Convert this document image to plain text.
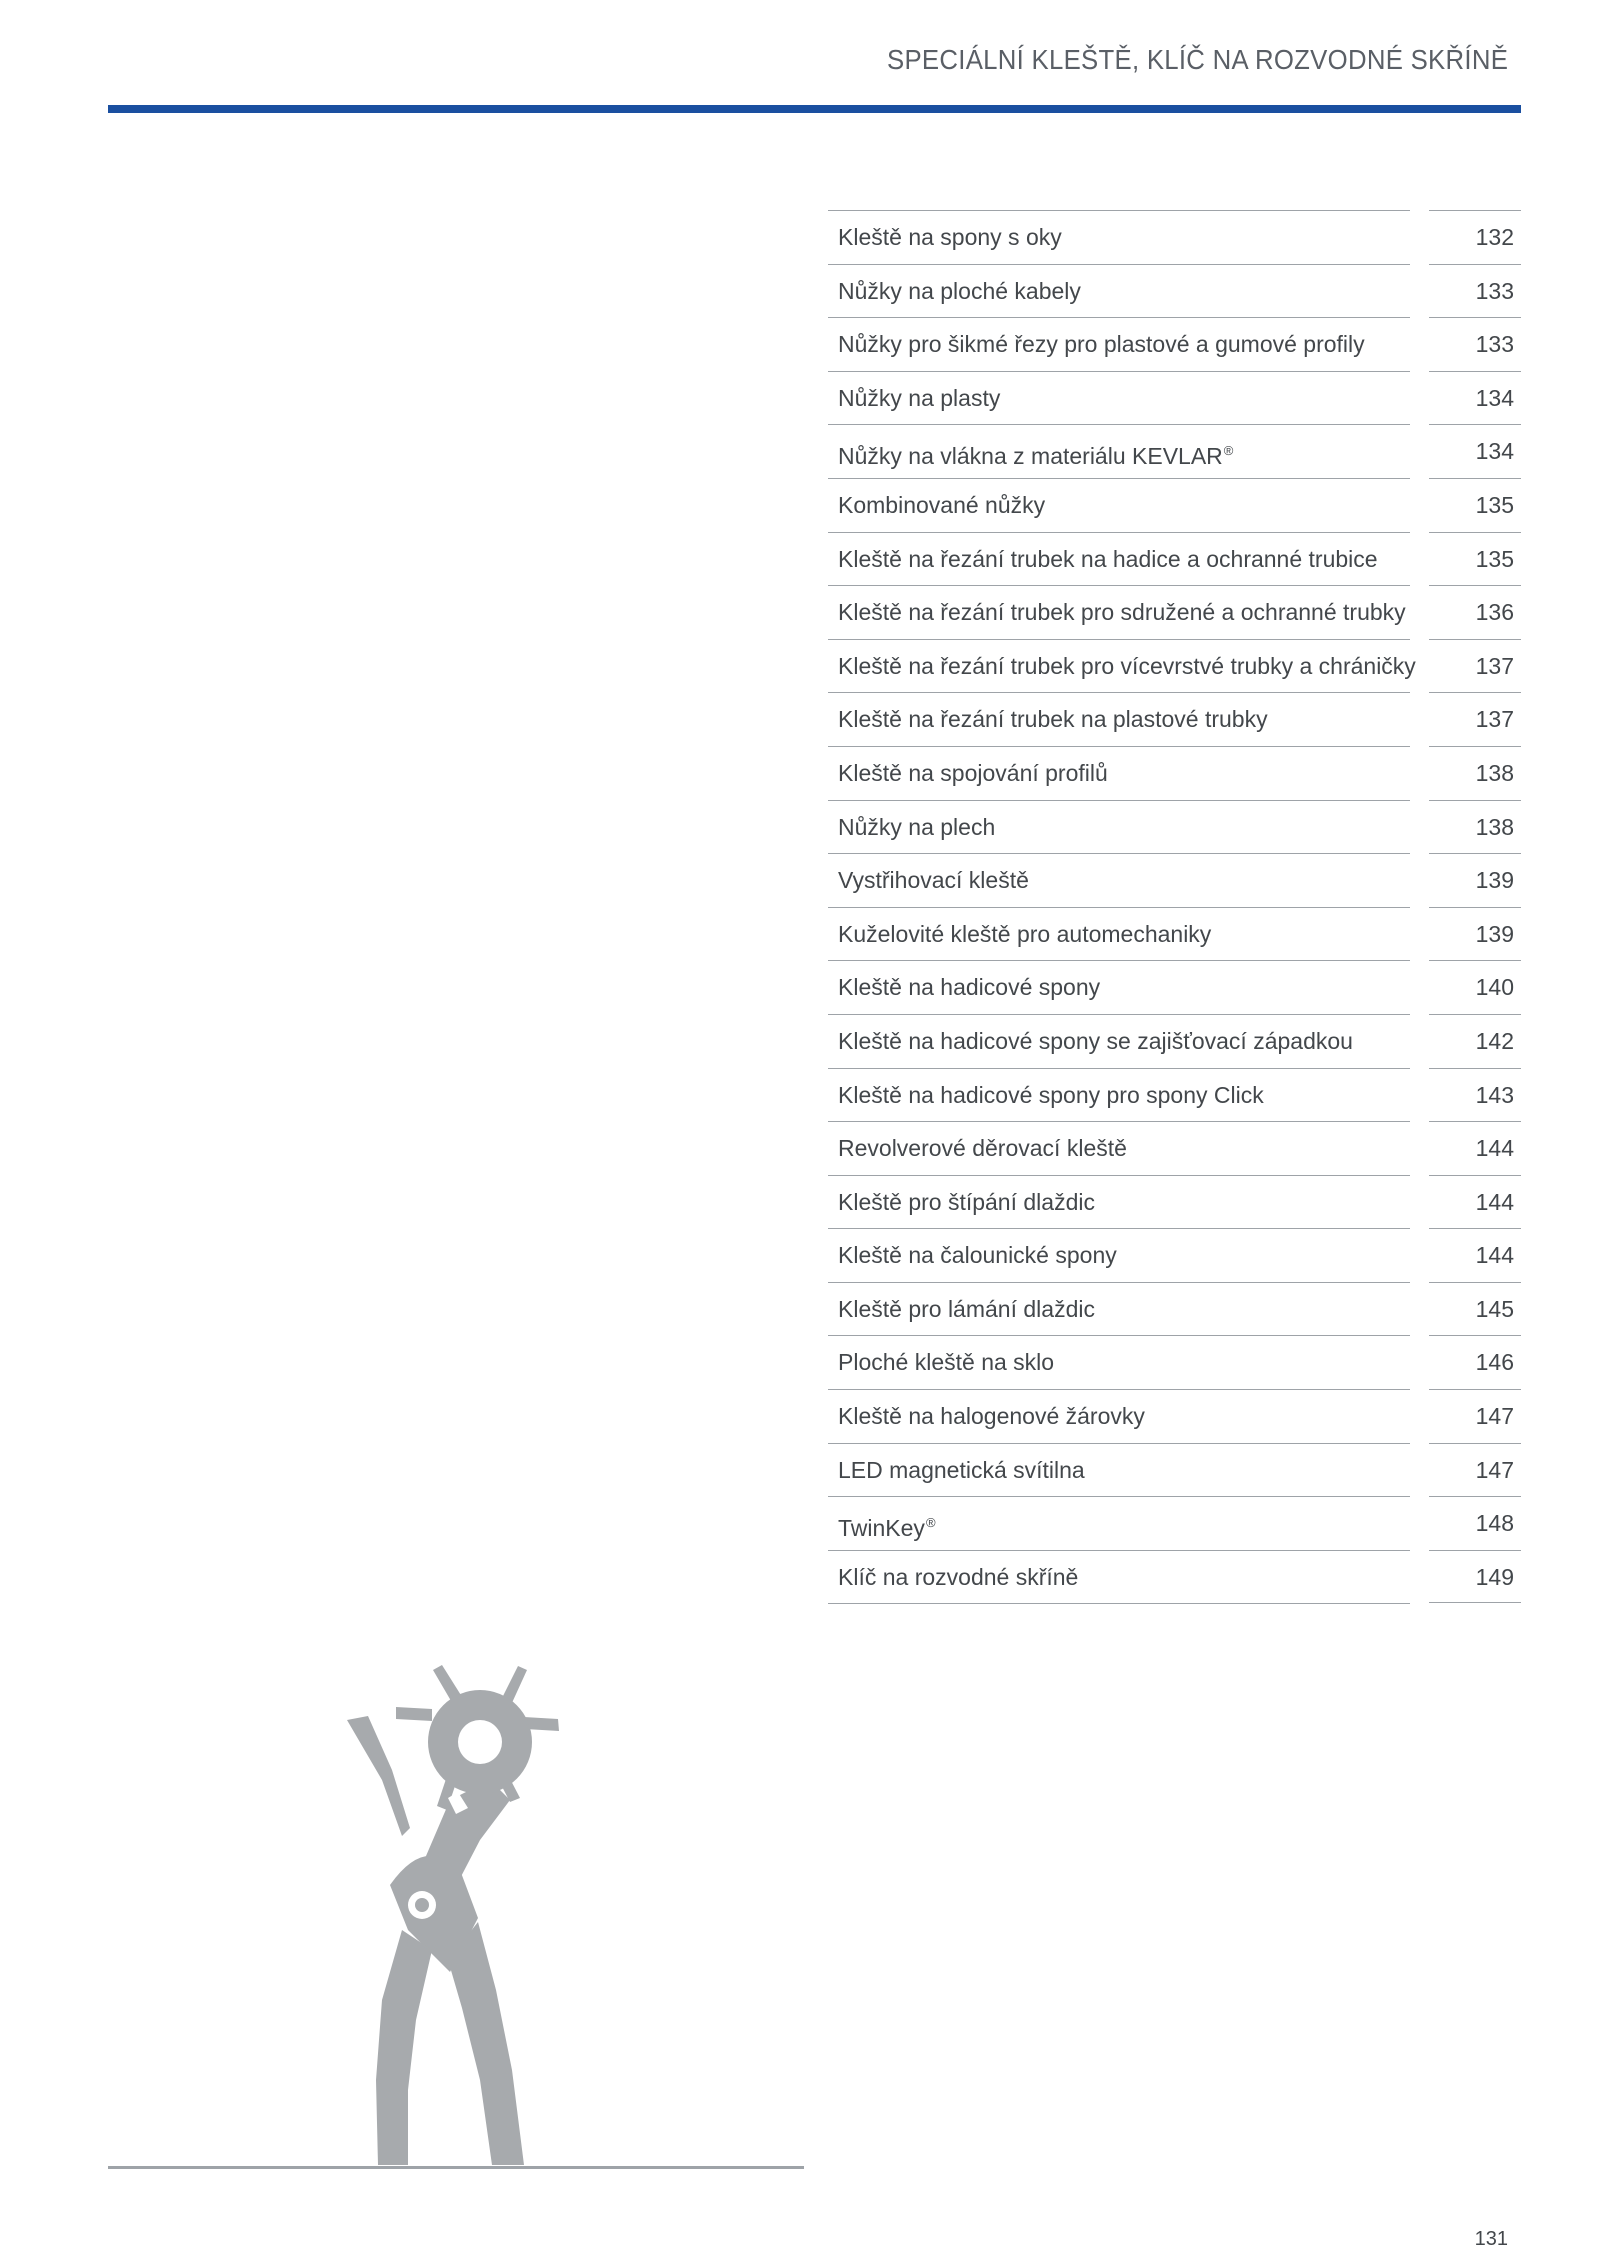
SPECIÁLNÍ KLEŠTĚ, KLÍČ NA ROZVODNÉ SKŘÍNĚ
Kleště na spony s oky	132
Nůžky na ploché kabely	133
Nůžky pro šikmé řezy pro plastové a gumové profily	133
Nůžky na plasty	134
Nůžky na vlákna z materiálu KEVLAR®	134
Kombinované nůžky	135
Kleště na řezání trubek na hadice a ochranné trubice	135
Kleště na řezání trubek pro sdružené a ochranné trubky	136
Kleště na řezání trubek pro vícevrstvé trubky a chráničky	137
Kleště na řezání trubek na plastové trubky	137
Kleště na spojování profilů	138
Nůžky na plech	138
Vystřihovací kleště	139
Kuželovité kleště pro automechaniky	139
Kleště na hadicové spony	140
Kleště na hadicové spony se zajišťovací západkou	142
Kleště na hadicové spony pro spony Click	143
Revolverové děrovací kleště	144
Kleště pro štípání dlaždic	144
Kleště na čalounické spony	144
Kleště pro lámání dlaždic	145
Ploché kleště na sklo	146
Kleště na halogenové žárovky	147
LED magnetická svítilna	147
TwinKey®	148
Klíč na rozvodné skříně	149
131
